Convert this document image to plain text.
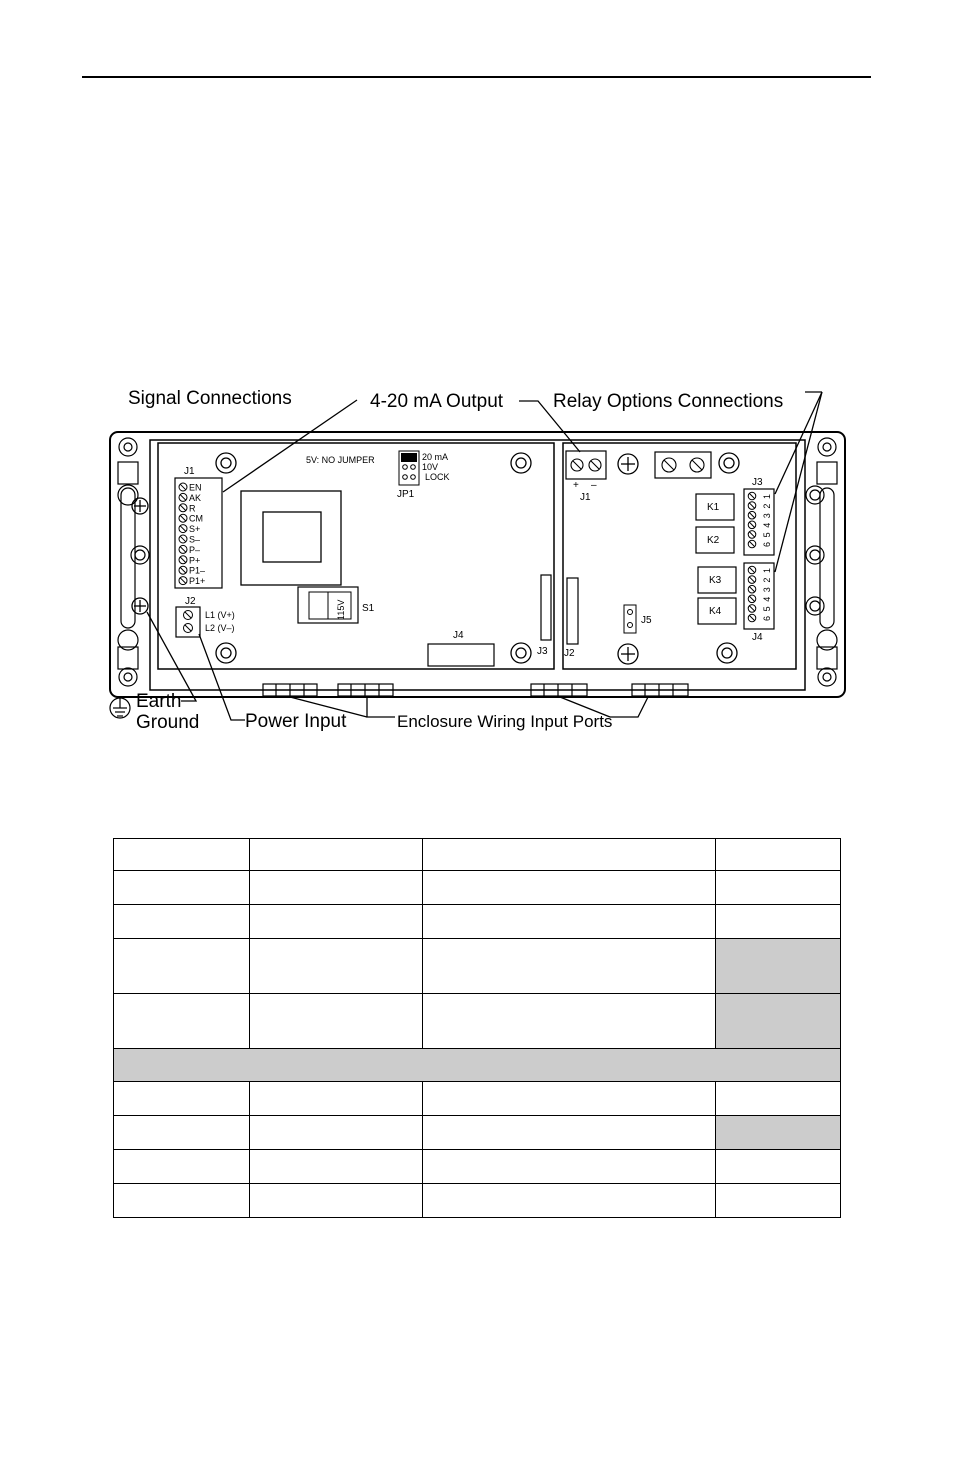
J1
EN
AK
R
CM
S+
S–
P–
P+
P1–
P1+
5V: NO JUMPER	20 mA
10V
LOCK
JP1
J2
L1 (V+)
L2 (V–)
115V S1
J4
J3
+ –
J1
J3
1
2
3
4
5
6
1
2
3
4
5
6
J4
K1
K2
K3
K4
J5
J2
Signal Connections	4-20 mA Output	Relay Options Connections
Earth
Ground Power Input	Enclosure Wiring Input Ports
